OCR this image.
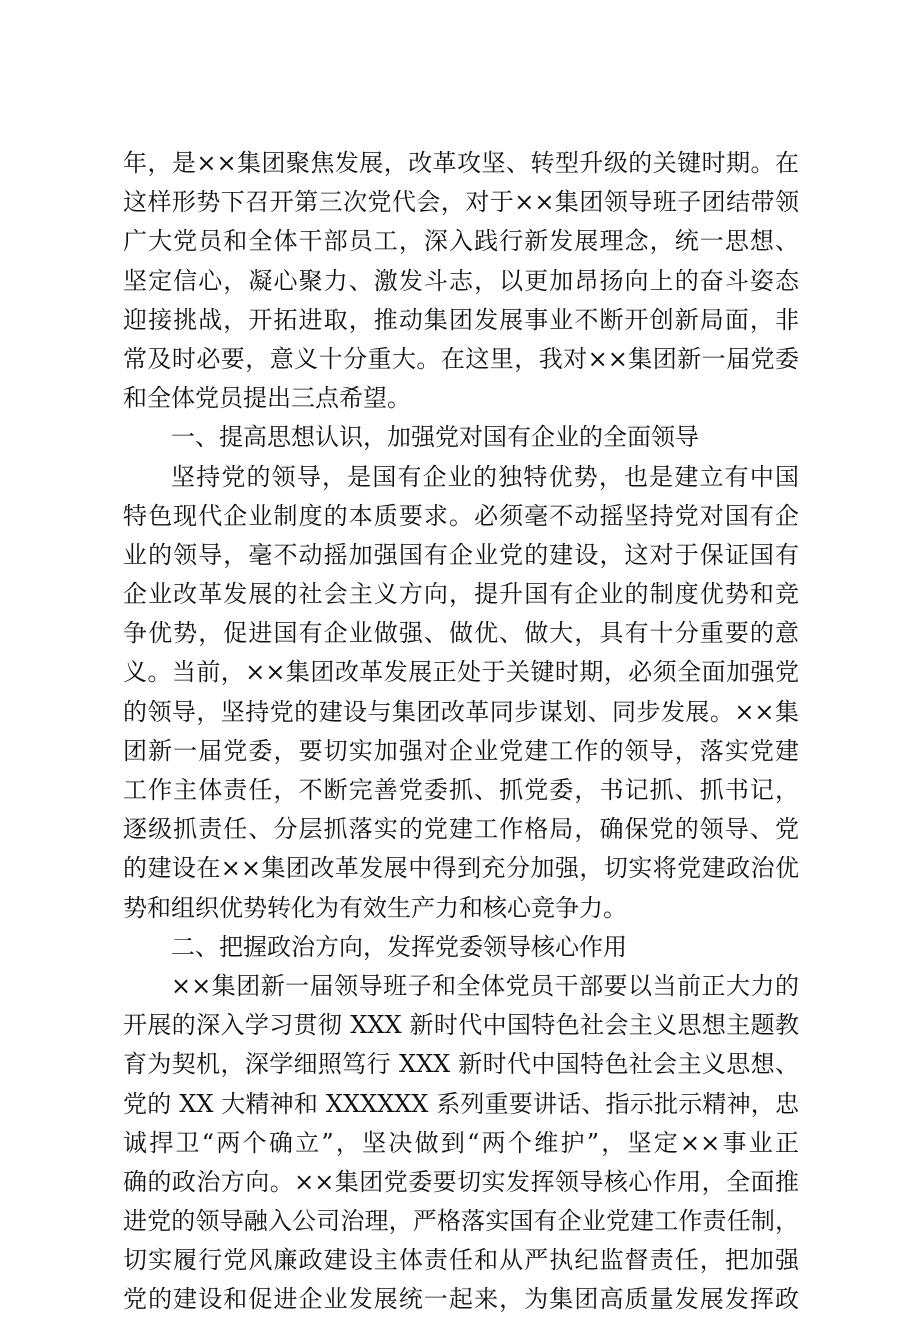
年，是××集团聚焦发展，改革攻坚、转型升级的关键时期。在
这样形势下召开第三次党代会，对于××集团领导班子团结带领
广大党员和全体干部员工，深入践行新发展理念，统一思想、
坚定信心，凝心聚力、激发斗志，以更加昂扬向上的奋斗姿态
迎接挑战，开拓进取，推动集团发展事业不断开创新局面，非
常及时必要，意义十分重大。在这里，我对××集团新一届党委
和全体党员提出三点希望。
一、提高思想认识，加强党对国有企业的全面领导
坚持党的领导，是国有企业的独特优势，也是建立有中国
特色现代企业制度的本质要求。必须毫不动摇坚持党对国有企
业的领导，毫不动摇加强国有企业党的建设，这对于保证国有
企业改革发展的社会主义方向，提升国有企业的制度优势和竞
争优势，促进国有企业做强、做优、做大，具有十分重要的意
义。当前，××集团改革发展正处于关键时期，必须全面加强党
的领导，坚持党的建设与集团改革同步谋划、同步发展。××集
团新一届党委，要切实加强对企业党建工作的领导，落实党建
工作主体责任，不断完善党委抓、抓党委，书记抓、抓书记，
逐级抓责任、分层抓落实的党建工作格局，确保党的领导、党
的建设在××集团改革发展中得到充分加强，切实将党建政治优
势和组织优势转化为有效生产力和核心竞争力。
二、把握政治方向，发挥党委领导核心作用
××集团新一届领导班子和全体党员干部要以当前正大力的
开展的深入学习贯彻 XXX 新时代中国特色社会主义思想主题教
育为契机，深学细照笃行 XXX 新时代中国特色社会主义思想、
党的 XX 大精神和 XXXXXX 系列重要讲话、指示批示精神，忠
诚捍卫“两个确立”，坚决做到“两个维护”，坚定××事业正
确的政治方向。××集团党委要切实发挥领导核心作用，全面推
进党的领导融入公司治理，严格落实国有企业党建工作责任制，
切实履行党风廉政建设主体责任和从严执纪监督责任，把加强
党的建设和促进企业发展统一起来，为集团高质量发展发挥政
